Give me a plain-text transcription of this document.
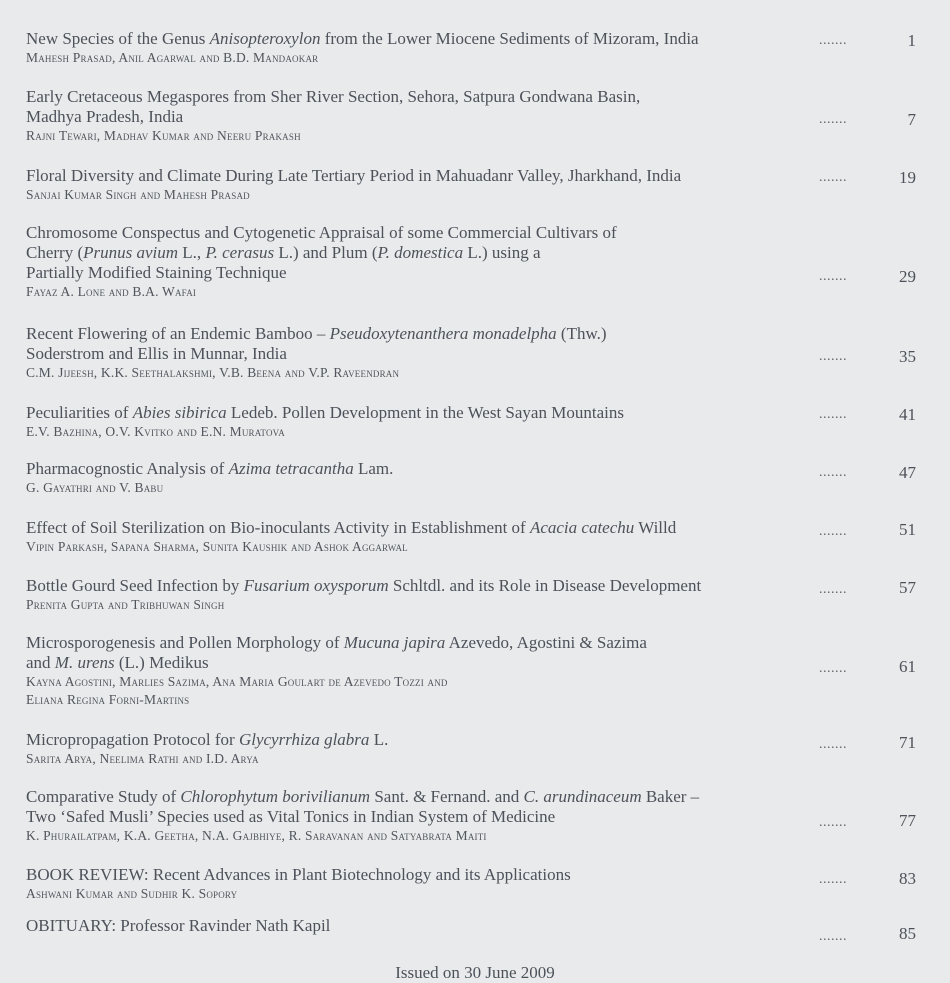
New Species of the Genus Anisopteroxylon from the Lower Miocene Sediments of Mizoram, India
Mahesh Prasad, Anil Agarwal and B.D. Mandaokar
.......	1
Early Cretaceous Megaspores from Sher River Section, Sehora, Satpura Gondwana Basin,
Madhya Pradesh, India
Rajni Tewari, Madhav Kumar and Neeru Prakash
.......	7
Floral Diversity and Climate During Late Tertiary Period in Mahuadanr Valley, Jharkhand, India
Sanjai Kumar Singh and Mahesh Prasad
.......	19
Chromosome Conspectus and Cytogenetic Appraisal of some Commercial Cultivars of
Cherry (Prunus avium L., P. cerasus L.) and Plum (P. domestica L.) using a
Partially Modified Staining Technique
Fayaz A. Lone and B.A. Wafai
.......	29
Recent Flowering of an Endemic Bamboo – Pseudoxytenanthera monadelpha (Thw.)
Soderstrom and Ellis in Munnar, India
C.M. Jijeesh, K.K. Seethalakshmi, V.B. Beena and V.P. Raveendran
.......	35
Peculiarities of Abies sibirica Ledeb. Pollen Development in the West Sayan Mountains
E.V. Bazhina, O.V. Kvitko and E.N. Muratova
.......	41
Pharmacognostic Analysis of Azima tetracantha Lam.
G. Gayathri and V. Babu
.......	47
Effect of Soil Sterilization on Bio-inoculants Activity in Establishment of Acacia catechu Willd
Vipin Parkash, Sapana Sharma, Sunita Kaushik and Ashok Aggarwal
.......	51
Bottle Gourd Seed Infection by Fusarium oxysporum Schltdl. and its Role in Disease Development
Prenita Gupta and Tribhuwan Singh
.......	57
Microsporogenesis and Pollen Morphology of Mucuna japira Azevedo, Agostini & Sazima
and M. urens (L.) Medikus
Kayna Agostini, Marlies Sazima, Ana Maria Goulart de Azevedo Tozzi and
Eliana Regina Forni-Martins
.......	61
Micropropagation Protocol for Glycyrrhiza glabra L.
Sarita Arya, Neelima Rathi and I.D. Arya
.......	71
Comparative Study of Chlorophytum borivilianum Sant. & Fernand. and C. arundinaceum Baker –
Two ‘Safed Musli’ Species used as Vital Tonics in Indian System of Medicine
K. Phurailatpam, K.A. Geetha, N.A. Gajbhiye, R. Saravanan and Satyabrata Maiti
.......	77
BOOK REVIEW: Recent Advances in Plant Biotechnology and its Applications
Ashwani Kumar and Sudhir K. Sopory
.......	83
OBITUARY: Professor Ravinder Nath Kapil
.......	85
Issued on 30 June 2009
